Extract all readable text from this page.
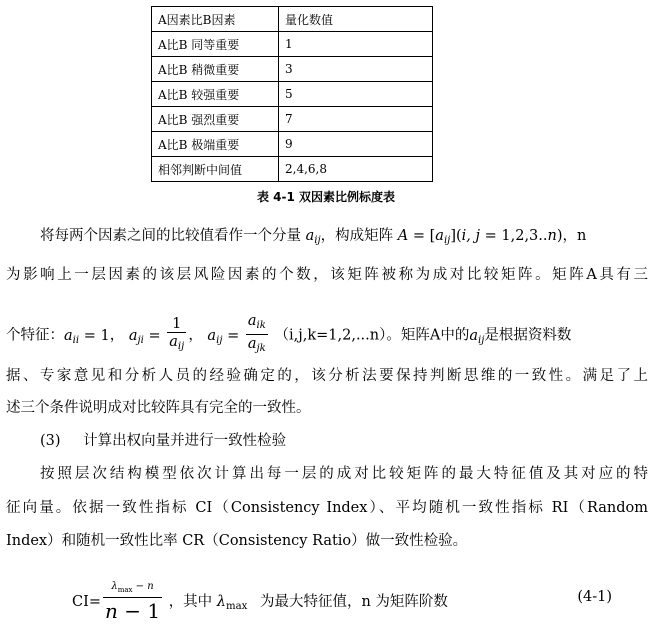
A因素比B因素	量化数值
A比B 同等重要	1
A比B 稍微重要	3
A比B 较强重要	5
A比B 强烈重要	7
A比B 极端重要	9
相邻判断中间值	2,4,6,8
表 4-1 双因素比例标度表
将每两个因素之间的比较值看作一个分量 $a_{ij}$，构成矩阵 $A = [a_{ij}](i$, j = 1,2,3..n)，n
为影响上一层因素的该层风险因素的个数，该矩阵被称为成对比较矩阵。矩阵A具有三
个特征：$a_{ii} = 1$， $a_{ji} = \frac{1}{a_{ij}}$ ， $a_{ij} = \frac{a_{ik}}{a_{jk}} (i,j,k=1,2,...n)$。矩阵A中的$a_{ij}$是根据资料数
据、专家意见和分析人员的经验确定的，该分析法要保持判断思维的一致性。满足了上
述三个条件说明成对比较阵具有完全的一致性。
(3) 计算出权向量并进行一致性检验
按照层次结构模型依次计算出每一层的成对比较矩阵的最大特征值及其对应的特
征向量。依据一致性指标 CI（Consistency Index）、平均随机一致性指标 RI（Random
Index）和随机一致性比率 CR（Consistency Ratio）做一致性检验。
$CI= \frac{\lambda_{max} - n}{n - 1}$ ，其中 $\lambda_{max}$ 为最大特征值，n 为矩阵阶数	(4-1)
